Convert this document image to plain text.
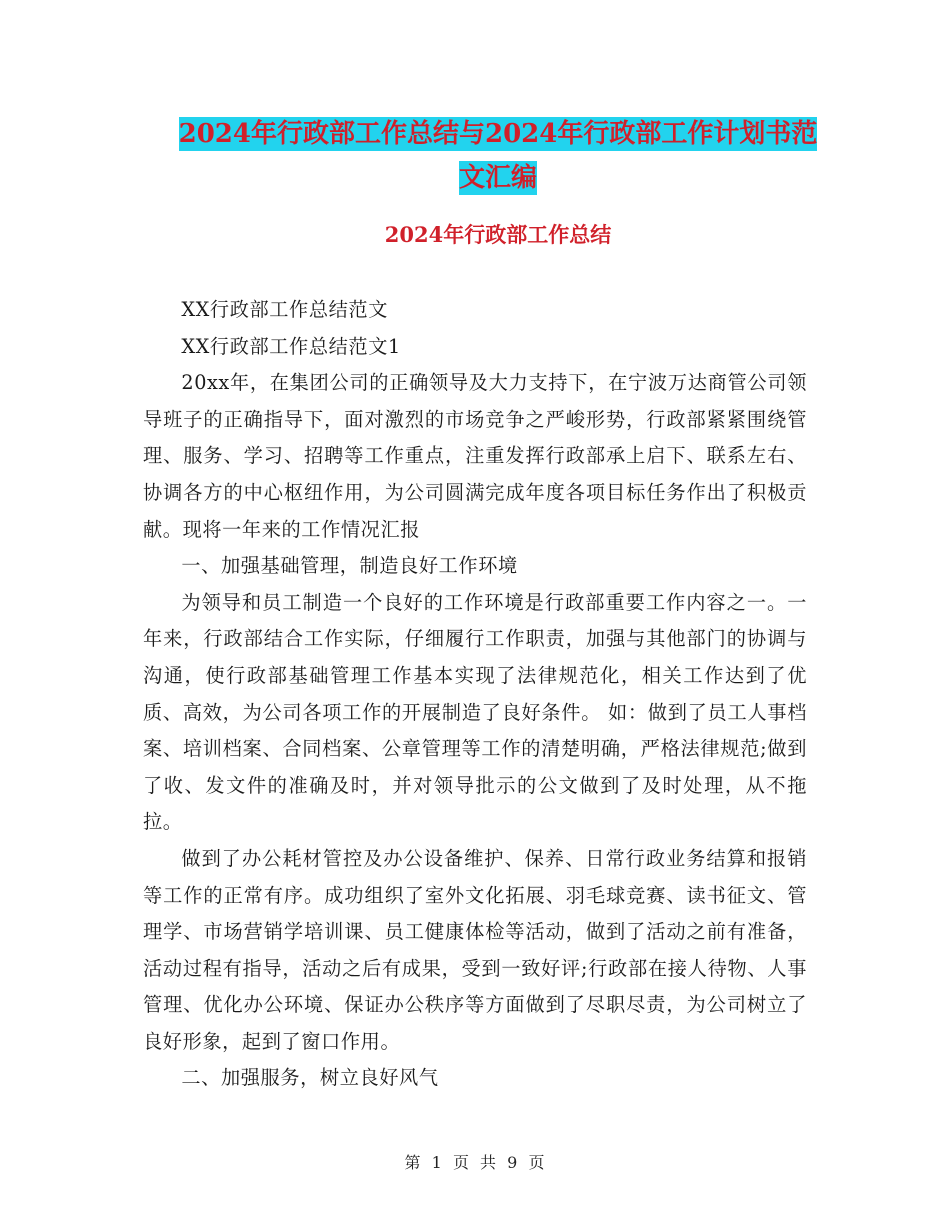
2024年行政部工作总结与2024年行政部工作计划书范
文汇编
2024年行政部工作总结

XX行政部工作总结范文

XX行政部工作总结范文1

20xx年，在集团公司的正确领导及大力支持下，在宁波万达商管公司领导班子的正确指导下，面对激烈的市场竞争之严峻形势，行政部紧紧围绕管理、服务、学习、招聘等工作重点，注重发挥行政部承上启下、联系左右、协调各方的中心枢纽作用，为公司圆满完成年度各项目标任务作出了积极贡献。现将一年来的工作情况汇报

一、加强基础管理，制造良好工作环境

为领导和员工制造一个良好的工作环境是行政部重要工作内容之一。一年来，行政部结合工作实际，仔细履行工作职责，加强与其他部门的协调与沟通，使行政部基础管理工作基本实现了法律规范化，相关工作达到了优质、高效，为公司各项工作的开展制造了良好条件。 如：做到了员工人事档案、培训档案、合同档案、公章管理等工作的清楚明确，严格法律规范;做到了收、发文件的准确及时，并对领导批示的公文做到了及时处理，从不拖拉。

做到了办公耗材管控及办公设备维护、保养、日常行政业务结算和报销等工作的正常有序。成功组织了室外文化拓展、羽毛球竞赛、读书征文、管理学、市场营销学培训课、员工健康体检等活动，做到了活动之前有准备，活动过程有指导，活动之后有成果，受到一致好评;行政部在接人待物、人事管理、优化办公环境、保证办公秩序等方面做到了尽职尽责，为公司树立了良好形象，起到了窗口作用。

二、加强服务，树立良好风气

第 1 页 共 9 页
